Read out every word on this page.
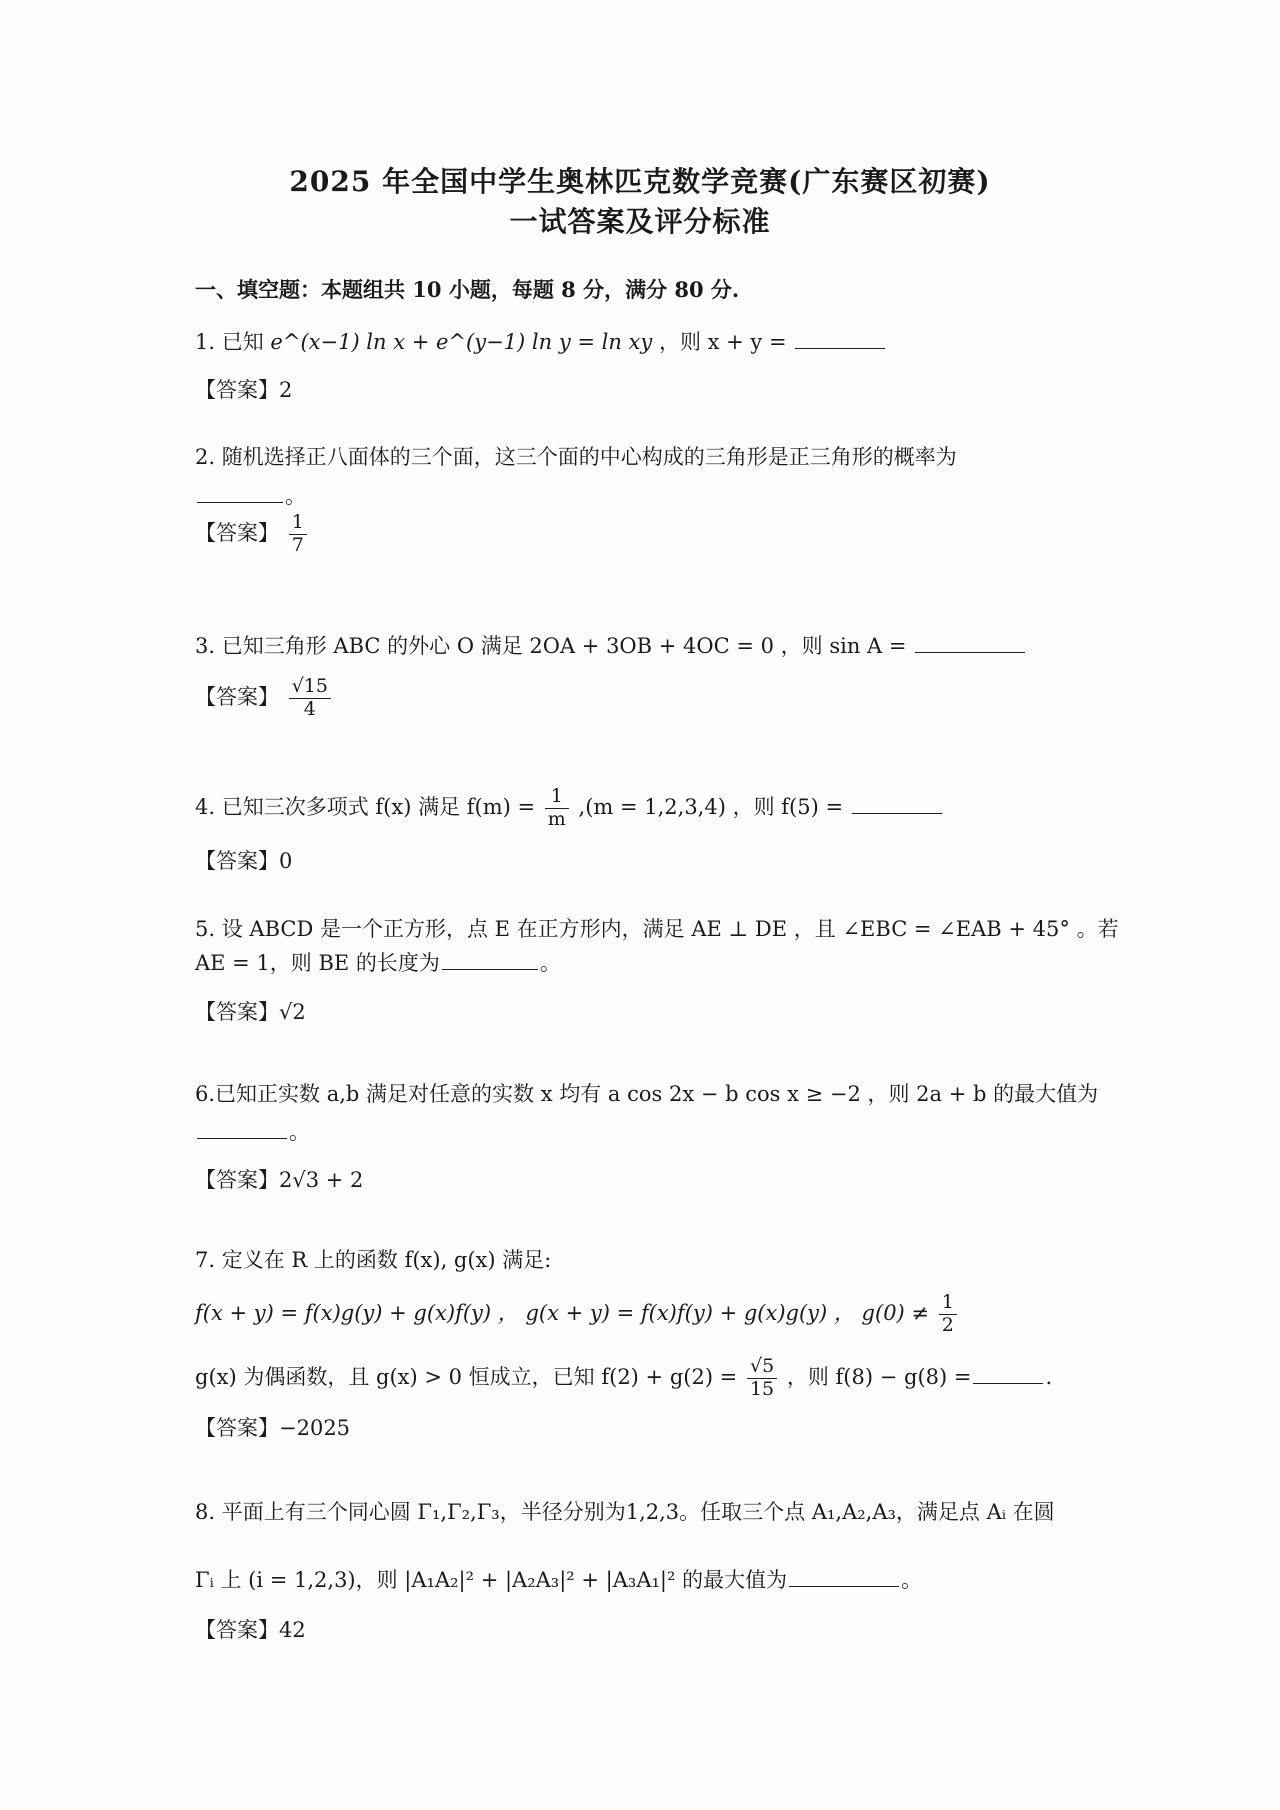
2025 年全国中学生奥林匹克数学竞赛(广东赛区初赛)
一试答案及评分标准
一、填空题：本题组共 10 小题，每题 8 分，满分 80 分.
1. 已知 e^(x−1) ln x + e^(y−1) ln y = ln xy ，则 x + y =
【答案】2
2. 随机选择正八面体的三个面，这三个面的中心构成的三角形是正三角形的概率为
。
【答案】 $\frac{1}{7}$
3. 已知三角形 ABC 的外心 O 满足 2OA + 3OB + 4OC = 0 ，则 sin A =
【答案】 $\frac{√15}{4}$
4. 已知三次多项式 f(x) 满足 $f(m) = \frac{1}{m} ,(m = 1,2,3,4)$ ，则 f(5) =
【答案】0
5. 设 ABCD 是一个正方形，点 E 在正方形内，满足 AE ⊥ DE ，且 ∠EBC = ∠EAB + 45° 。若
AE = 1，则 BE 的长度为	。
【答案】√2
6.已知正实数 a,b 满足对任意的实数 x 均有 a cos 2x − b cos x ≥ −2 ，则 2a + b 的最大值为
。
【答案】2√3 + 2
7. 定义在 R 上的函数 f(x), g(x) 满足:
f(x + y) = f(x)g(y) + g(x)f(y) ， g(x + y) = f(x)f(y) + g(x)g(y) ， $g(0) \ne \frac{1}{2}$
g(x) 为偶函数，且 g(x) > 0 恒成立，已知 $f(2) + g(2) = \frac{√5}{15}$ ，则 f(8) − g(8) =	.
【答案】−2025
8. 平面上有三个同心圆 Γ₁,Γ₂,Γ₃，半径分别为1,2,3。任取三个点 A₁,A₂,A₃，满足点 Aᵢ 在圆
Γᵢ 上 (i = 1,2,3)，则 |A₁A₂|² + |A₂A₃|² + |A₃A₁|² 的最大值为	。
【答案】42
